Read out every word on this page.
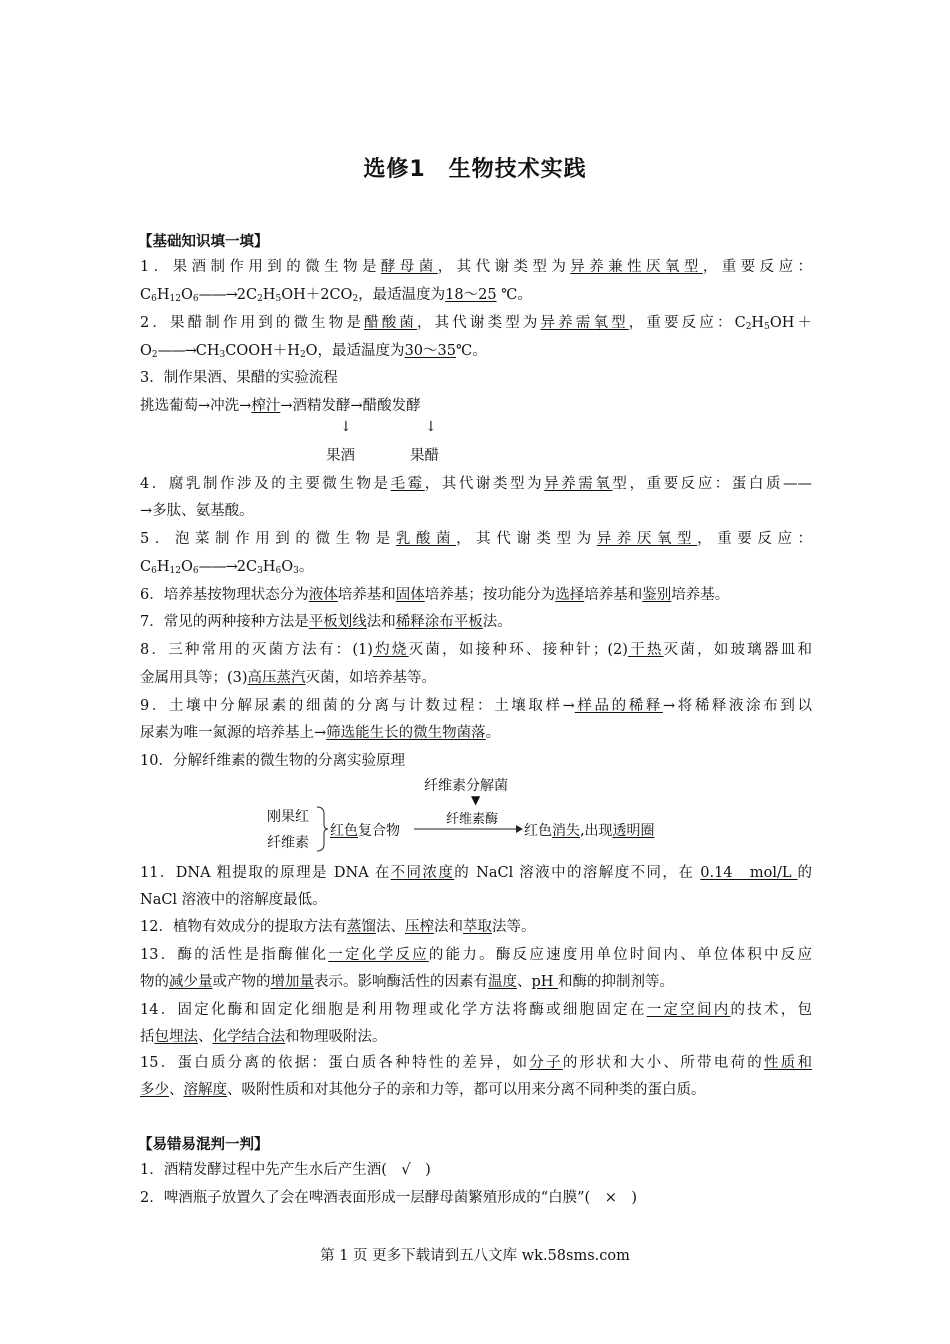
选修1　生物技术实践
【基础知识填一填】
1．果酒制作用到的微生物是酵母菌，其代谢类型为异养兼性厌氧型，重要反应：
$C_6H_{12}O_6——\to 2C_2H_5OH+2CO_2$，最适温度为18～25 ℃。
2．果醋制作用到的微生物是醋酸菌，其代谢类型为异养需氧型，重要反应：$C_2H_5OH+$
$O_2——\to CH_3COOH+H_2O$，最适温度为30～35℃。
3．制作果酒、果醋的实验流程
挑选葡萄→冲洗→榨汁→酒精发酵→醋酸发酵
↓	↓
果酒	果醋
4．腐乳制作涉及的主要微生物是毛霉，其代谢类型为异养需氧型，重要反应：蛋白质——
→多肽、氨基酸。
5．泡菜制作用到的微生物是乳酸菌，其代谢类型为异养厌氧型，重要反应：
$C_6H_{12}O_6——\to 2C_3H_6O_3$。
6．培养基按物理状态分为液体培养基和固体培养基；按功能分为选择培养基和鉴别培养基。
7．常见的两种接种方法是平板划线法和稀释涂布平板法。
8．三种常用的灭菌方法有：(1)灼烧灭菌，如接种环、接种针；(2)干热灭菌，如玻璃器皿和
金属用具等；(3)高压蒸汽灭菌，如培养基等。
9．土壤中分解尿素的细菌的分离与计数过程：土壤取样→样品的稀释→将稀释液涂布到以
尿素为唯一氮源的培养基上→筛选能生长的微生物菌落。
10．分解纤维素的微生物的分离实验原理
纤维素分解菌
▼
刚果红
纤维素
红色复合物
纤维素酶
红色消失,出现透明圈
11．DNA 粗提取的原理是 DNA 在不同浓度的 NaCl 溶液中的溶解度不同，在 0.14　mol/L 的
NaCl 溶液中的溶解度最低。
12．植物有效成分的提取方法有蒸馏法、压榨法和萃取法等。
13．酶的活性是指酶催化一定化学反应的能力。酶反应速度用单位时间内、单位体积中反应
物的减少量或产物的增加量表示。影响酶活性的因素有温度、pH 和酶的抑制剂等。
14．固定化酶和固定化细胞是利用物理或化学方法将酶或细胞固定在一定空间内的技术，包
括包埋法、化学结合法和物理吸附法。
15．蛋白质分离的依据：蛋白质各种特性的差异，如分子的形状和大小、所带电荷的性质和
多少、溶解度、吸附性质和对其他分子的亲和力等，都可以用来分离不同种类的蛋白质。
【易错易混判一判】
1．酒精发酵过程中先产生水后产生酒(　√　)
2．啤酒瓶子放置久了会在啤酒表面形成一层酵母菌繁殖形成的“白膜”(　×　)
第 1 页 更多下载请到五八文库 wk.58sms.com
